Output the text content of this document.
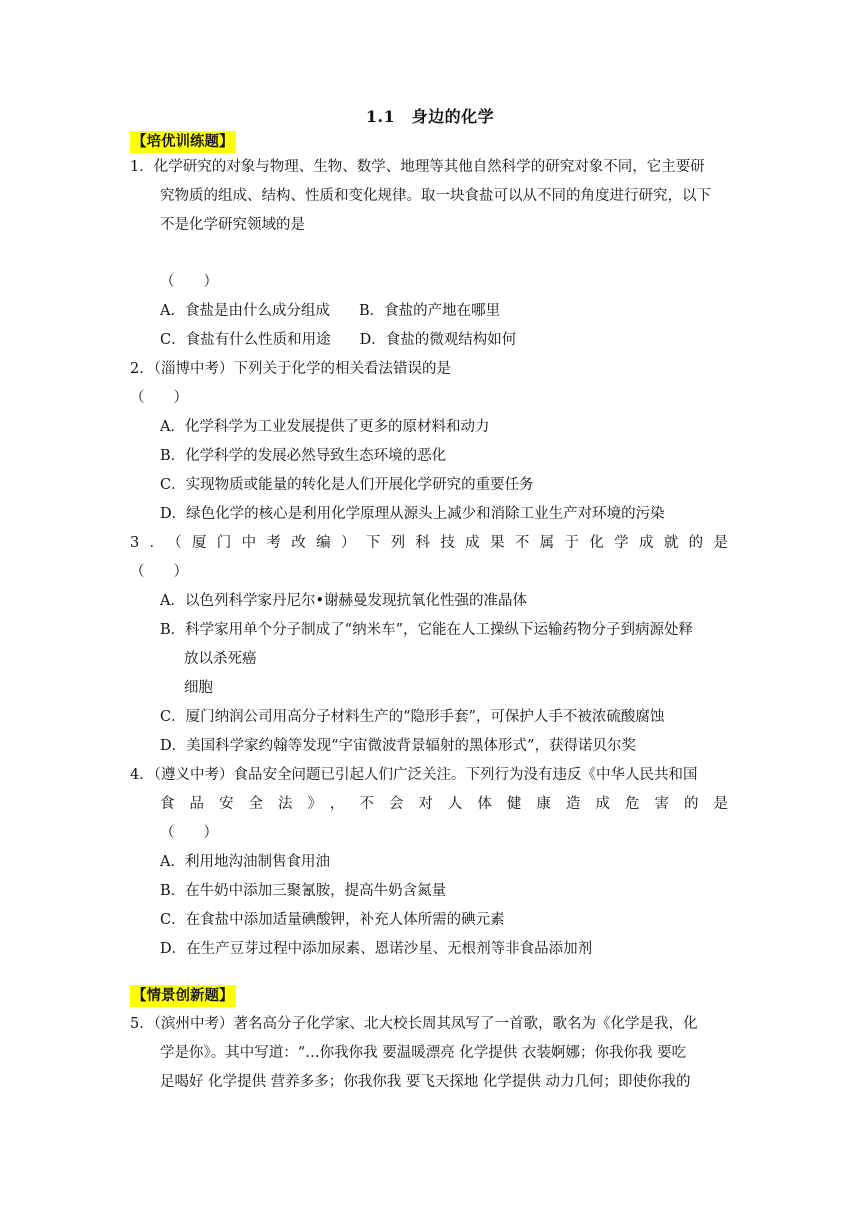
1.1　身边的化学
【培优训练题】
1．化学研究的对象与物理、生物、数学、地理等其他自然科学的研究对象不同，它主要研
究物质的组成、结构、性质和变化规律。取一块食盐可以从不同的角度进行研究，以下
不是化学研究领域的是
（　　）
A．食盐是由什么成分组成　　B．食盐的产地在哪里
C．食盐有什么性质和用途　　D．食盐的微观结构如何
2．（淄博中考）下列关于化学的相关看法错误的是
（　　）
A．化学科学为工业发展提供了更多的原材料和动力
B．化学科学的发展必然导致生态环境的恶化
C．实现物质或能量的转化是人们开展化学研究的重要任务
D．绿色化学的核心是利用化学原理从源头上减少和消除工业生产对环境的污染
3．（厦门中考改编）下列科技成果不属于化学成就的是
（　　）
A．以色列科学家丹尼尔•谢赫曼发现抗氧化性强的准晶体
B．科学家用单个分子制成了“纳米车”，它能在人工操纵下运输药物分子到病源处释
放以杀死癌
细胞
C．厦门纳润公司用高分子材料生产的“隐形手套”，可保护人手不被浓硫酸腐蚀
D．美国科学家约翰等发现“宇宙微波背景辐射的黑体形式”，获得诺贝尔奖
4．（遵义中考）食品安全问题已引起人们广泛关注。下列行为没有违反《中华人民共和国
食品安全法》，不会对人体健康造成危害的是
（　　）
A．利用地沟油制售食用油
B．在牛奶中添加三聚氰胺，提高牛奶含氮量
C．在食盐中添加适量碘酸钾，补充人体所需的碘元素
D．在生产豆芽过程中添加尿素、恩诺沙星、无根剂等非食品添加剂
【情景创新题】
5．（滨州中考）著名高分子化学家、北大校长周其凤写了一首歌，歌名为《化学是我，化
学是你》。其中写道：“…你我你我 要温暖漂亮 化学提供 衣装婀娜；你我你我 要吃
足喝好 化学提供 营养多多；你我你我 要飞天探地 化学提供 动力几何；即使你我的
